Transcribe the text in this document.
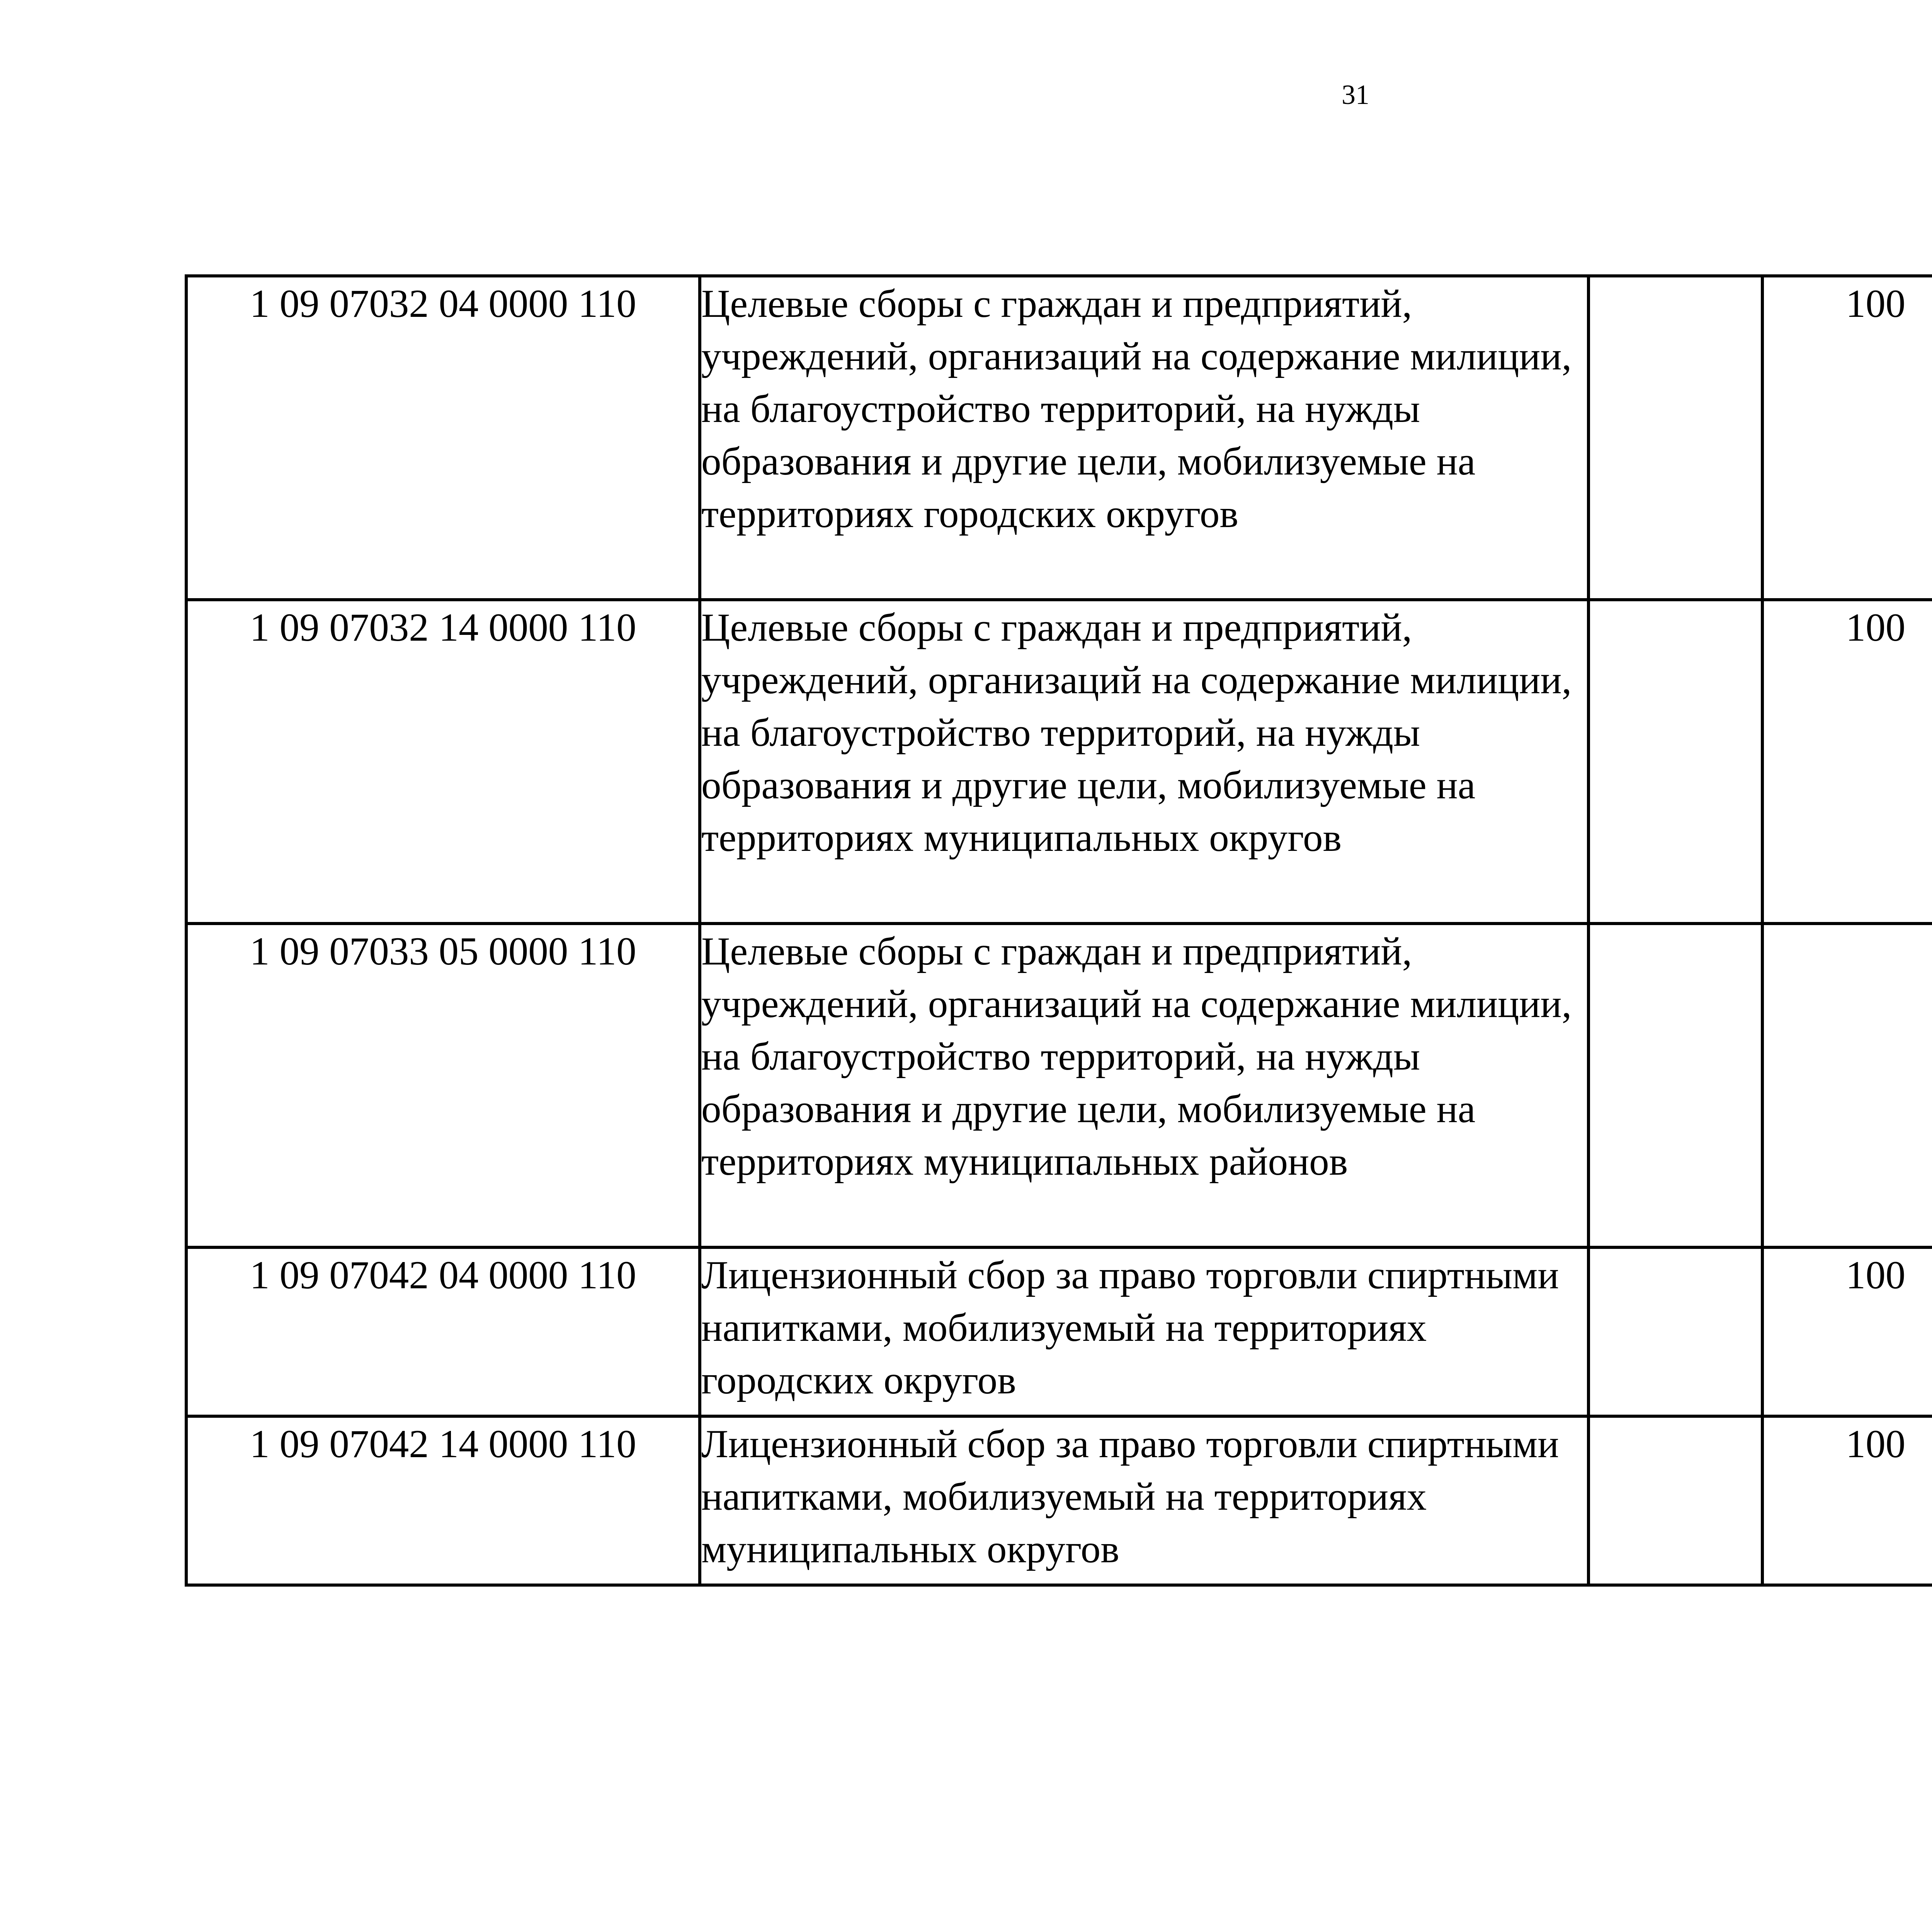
31
1 09 07032 04 0000 110	Целевые сборы с граждан и предприятий, учреждений, организаций на содержание милиции, на благоустройство территорий, на нужды образования и другие цели, мобилизуемые на территориях городских округов		100			
1 09 07032 14 0000 110	Целевые сборы с граждан и предприятий, учреждений, организаций на содержание милиции, на благоустройство территорий, на нужды образования и другие цели, мобилизуемые на территориях муниципальных округов		100			
1 09 07033 05 0000 110	Целевые сборы с граждан и предприятий, учреждений, организаций на содержание милиции, на благоустройство территорий, на нужды образования и другие цели, мобилизуемые на территориях муниципальных районов					
1 09 07042 04 0000 110	Лицензионный сбор за право торговли спиртными напитками, мобилизуемый на территориях городских округов		100			
1 09 07042 14 0000 110	Лицензионный сбор за право торговли спиртными напитками, мобилизуемый на территориях муниципальных округов		100			
